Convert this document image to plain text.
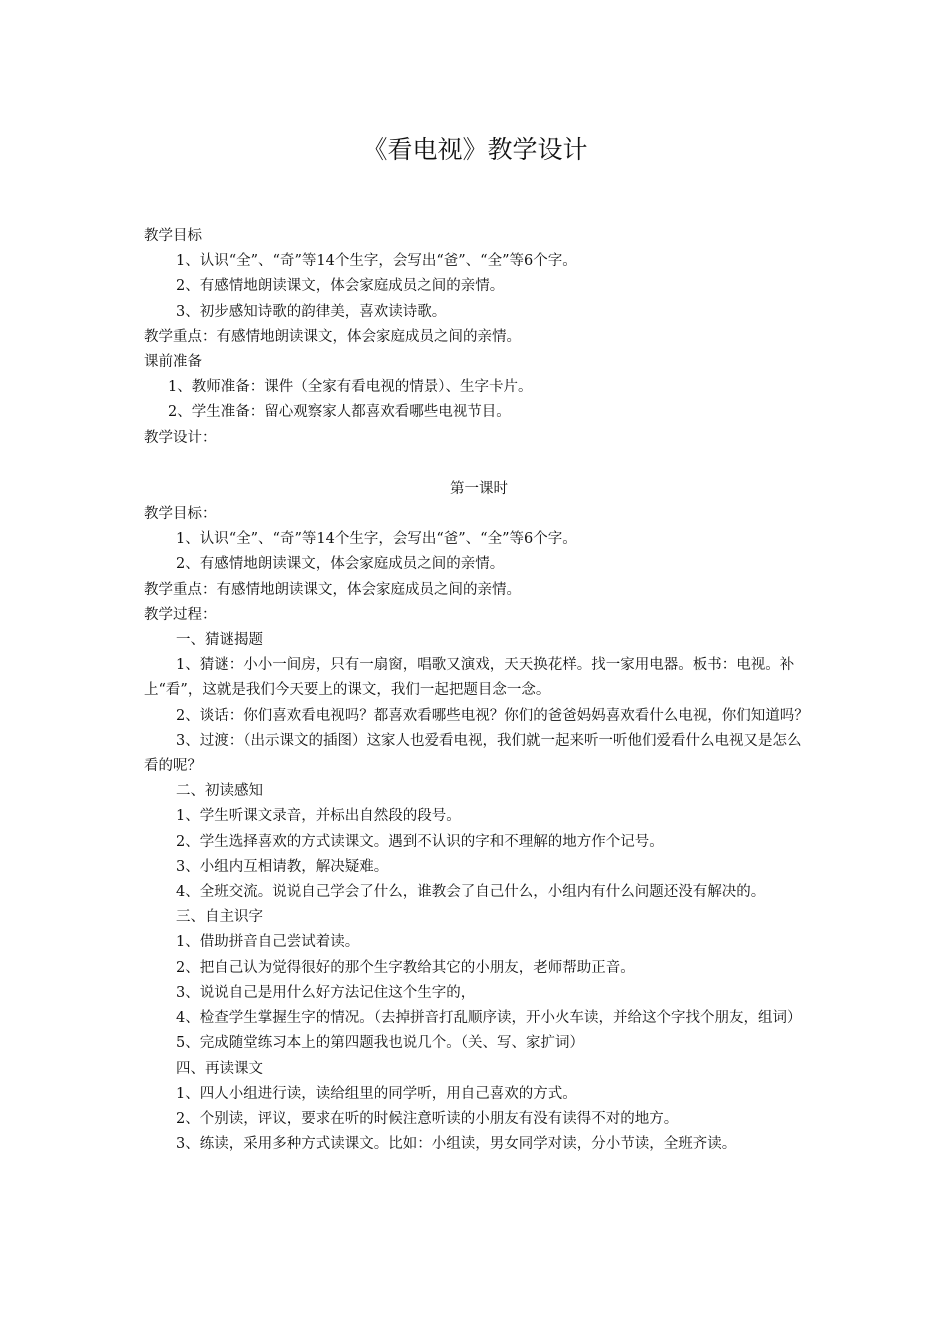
《看电视》教学设计

教学目标

1、认识“全”、“奇”等14个生字，会写出“爸”、“全”等6个字。

2、有感情地朗读课文，体会家庭成员之间的亲情。

3、初步感知诗歌的韵律美，喜欢读诗歌。

教学重点：有感情地朗读课文，体会家庭成员之间的亲情。

课前准备

1、教师准备：课件（全家有看电视的情景）、生字卡片。

2、学生准备：留心观察家人都喜欢看哪些电视节目。

教学设计：

第一课时

教学目标：

1、认识“全”、“奇”等14个生字，会写出“爸”、“全”等6个字。

2、有感情地朗读课文，体会家庭成员之间的亲情。

教学重点：有感情地朗读课文，体会家庭成员之间的亲情。

教学过程：

一、猜谜揭题

1、猜谜：小小一间房，只有一扇窗，唱歌又演戏，天天换花样。找一家用电器。板书：电视。补上“看”，这就是我们今天要上的课文，我们一起把题目念一念。

2、谈话：你们喜欢看电视吗？都喜欢看哪些电视？你们的爸爸妈妈喜欢看什么电视，你们知道吗？

3、过渡：（出示课文的插图）这家人也爱看电视，我们就一起来听一听他们爱看什么电视又是怎么看的呢？

二、初读感知

1、学生听课文录音，并标出自然段的段号。

2、学生选择喜欢的方式读课文。遇到不认识的字和不理解的地方作个记号。

3、小组内互相请教，解决疑难。

4、全班交流。说说自己学会了什么，谁教会了自己什么，小组内有什么问题还没有解决的。

三、自主识字

1、借助拼音自己尝试着读。

2、把自己认为觉得很好的那个生字教给其它的小朋友，老师帮助正音。

3、说说自己是用什么好方法记住这个生字的，

4、检查学生掌握生字的情况。（去掉拼音打乱顺序读，开小火车读，并给这个字找个朋友，组词）

5、完成随堂练习本上的第四题我也说几个。（关、写、家扩词）

四、再读课文

1、四人小组进行读，读给组里的同学听，用自己喜欢的方式。

2、个别读，评议，要求在听的时候注意听读的小朋友有没有读得不对的地方。

3、练读，采用多种方式读课文。比如：小组读，男女同学对读，分小节读，全班齐读。
